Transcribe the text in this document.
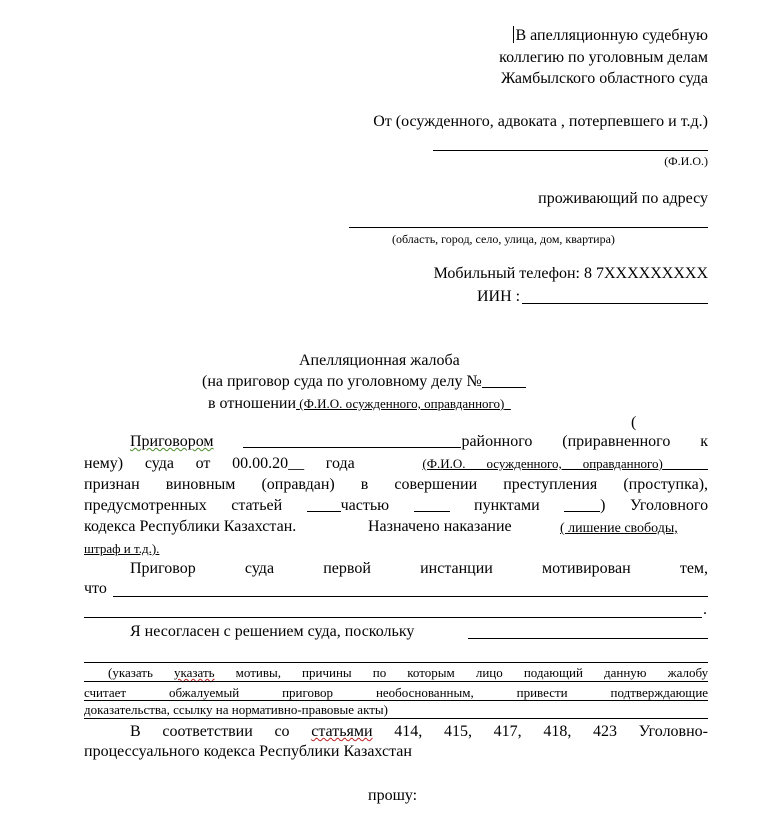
В апелляционную судебную
коллегию по уголовным делам
Жамбылского областного суда
От (осужденного, адвоката , потерпевшего и т.д.)
(Ф.И.О.)
проживающий по адресу
(область, город, село, улица, дом, квартира)
Мобильный телефон: 8 7XXXXXXXXX
ИИН :
Апелляционная жалоба
(на приговор суда по уголовному делу №
в отношении (Ф.И.О. осужденного, оправданного)
(
Приговором	районного (приравненного к
нему) суда от 00.00.20__ года	(Ф.И.О. осужденного, оправданного)
признан виновным (оправдан) в совершении преступления (проступка),
предусмотренных статьей	частью	пунктами	) Уголовного
кодекса Республики Казахстан.	Назначено наказание	( лишение свободы,
штраф и т.д.).
Приговор	суда	первой	инстанции	мотивирован	тем,
что
.
Я несогласен с решением суда, поскольку
(указать указать мотивы, причины по которым лицо подающий данную жалобу
считает	обжалуемый	приговор	необоснованным,	привести	подтверждающие
доказательства, ссылку на нормативно-правовые акты)
В соответствии со статьями 414, 415, 417, 418, 423 Уголовно-
процессуального кодекса Республики Казахстан
прошу:
